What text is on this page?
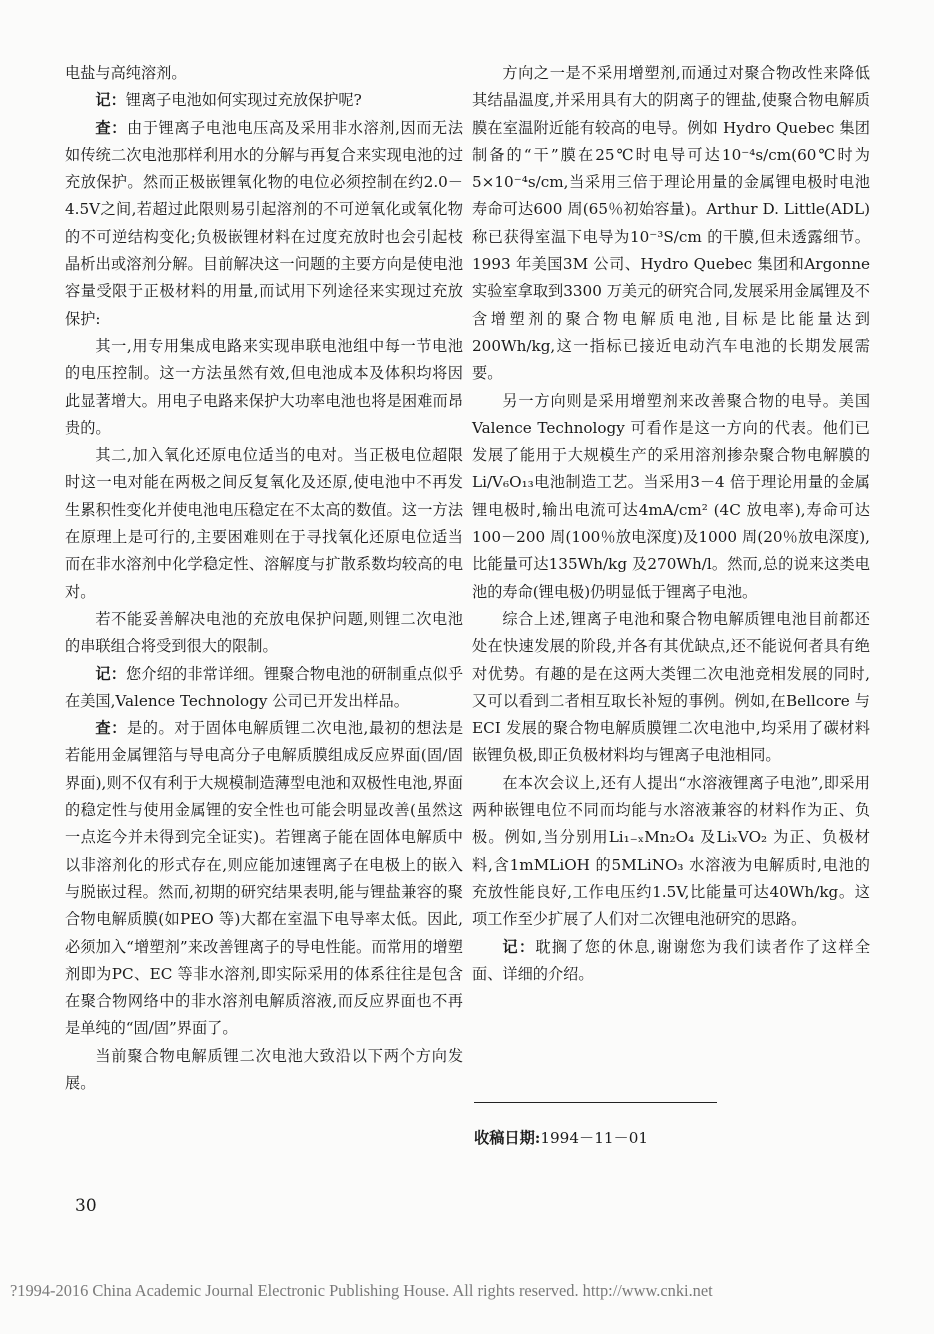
电盐与高纯溶剂。

记：锂离子电池如何实现过充放保护呢?

查：由于锂离子电池电压高及采用非水溶剂,因而无法如传统二次电池那样利用水的分解与再复合来实现电池的过充放保护。然而正极嵌锂氧化物的电位必须控制在约2.0－4.5V之间,若超过此限则易引起溶剂的不可逆氧化或氧化物的不可逆结构变化;负极嵌锂材料在过度充放时也会引起枝晶析出或溶剂分解。目前解决这一问题的主要方向是使电池容量受限于正极材料的用量,而试用下列途径来实现过充放保护:

其一,用专用集成电路来实现串联电池组中每一节电池的电压控制。这一方法虽然有效,但电池成本及体积均将因此显著增大。用电子电路来保护大功率电池也将是困难而昂贵的。

其二,加入氧化还原电位适当的电对。当正极电位超限时这一电对能在两极之间反复氧化及还原,使电池中不再发生累积性变化并使电池电压稳定在不太高的数值。这一方法在原理上是可行的,主要困难则在于寻找氧化还原电位适当而在非水溶剂中化学稳定性、溶解度与扩散系数均较高的电对。

若不能妥善解决电池的充放电保护问题,则锂二次电池的串联组合将受到很大的限制。

记：您介绍的非常详细。锂聚合物电池的研制重点似乎在美国,Valence Technology 公司已开发出样品。

查：是的。对于固体电解质锂二次电池,最初的想法是若能用金属锂箔与导电高分子电解质膜组成反应界面(固/固界面),则不仅有利于大规模制造薄型电池和双极性电池,界面的稳定性与使用金属锂的安全性也可能会明显改善(虽然这一点迄今并未得到完全证实)。若锂离子能在固体电解质中以非溶剂化的形式存在,则应能加速锂离子在电极上的嵌入与脱嵌过程。然而,初期的研究结果表明,能与锂盐兼容的聚合物电解质膜(如PEO 等)大都在室温下电导率太低。因此,必须加入“增塑剂”来改善锂离子的导电性能。而常用的增塑剂即为PC、EC 等非水溶剂,即实际采用的体系往往是包含在聚合物网络中的非水溶剂电解质溶液,而反应界面也不再是单纯的“固/固”界面了。

当前聚合物电解质锂二次电池大致沿以下两个方向发展。

方向之一是不采用增塑剂,而通过对聚合物改性来降低其结晶温度,并采用具有大的阴离子的锂盐,使聚合物电解质膜在室温附近能有较高的电导。例如 Hydro Quebec 集团制备的“干”膜在25℃时电导可达10⁻⁴s/cm(60℃时为5×10⁻⁴s/cm,当采用三倍于理论用量的金属锂电极时电池寿命可达600 周(65％初始容量)。Arthur D. Little(ADL)称已获得室温下电导为10⁻³S/cm 的干膜,但未透露细节。1993 年美国3M 公司、Hydro Quebec 集团和Argonne 实验室拿取到3300 万美元的研究合同,发展采用金属锂及不含增塑剂的聚合物电解质电池,目标是比能量达到200Wh/kg,这一指标已接近电动汽车电池的长期发展需要。

另一方向则是采用增塑剂来改善聚合物的电导。美国Valence Technology 可看作是这一方向的代表。他们已发展了能用于大规模生产的采用溶剂掺杂聚合物电解膜的Li/V₆O₁₃电池制造工艺。当采用3－4 倍于理论用量的金属锂电极时,输出电流可达4mA/cm² (4C 放电率),寿命可达100－200 周(100％放电深度)及1000 周(20％放电深度),比能量可达135Wh/kg 及270Wh/l。然而,总的说来这类电池的寿命(锂电极)仍明显低于锂离子电池。

综合上述,锂离子电池和聚合物电解质锂电池目前都还处在快速发展的阶段,并各有其优缺点,还不能说何者具有绝对优势。有趣的是在这两大类锂二次电池竞相发展的同时,又可以看到二者相互取长补短的事例。例如,在Bellcore 与ECI 发展的聚合物电解质膜锂二次电池中,均采用了碳材料嵌锂负极,即正负极材料均与锂离子电池相同。

在本次会议上,还有人提出“水溶液锂离子电池”,即采用两种嵌锂电位不同而均能与水溶液兼容的材料作为正、负极。例如,当分别用Li₁₋ₓMn₂O₄ 及LiₓVO₂ 为正、负极材料,含1mMLiOH 的5MLiNO₃ 水溶液为电解质时,电池的充放性能良好,工作电压约1.5V,比能量可达40Wh/kg。这项工作至少扩展了人们对二次锂电池研究的思路。

记：耽搁了您的休息,谢谢您为我们读者作了这样全面、详细的介绍。

收稿日期:1994－11－01
30
?1994-2016 China Academic Journal Electronic Publishing House. All rights reserved. http://www.cnki.net
